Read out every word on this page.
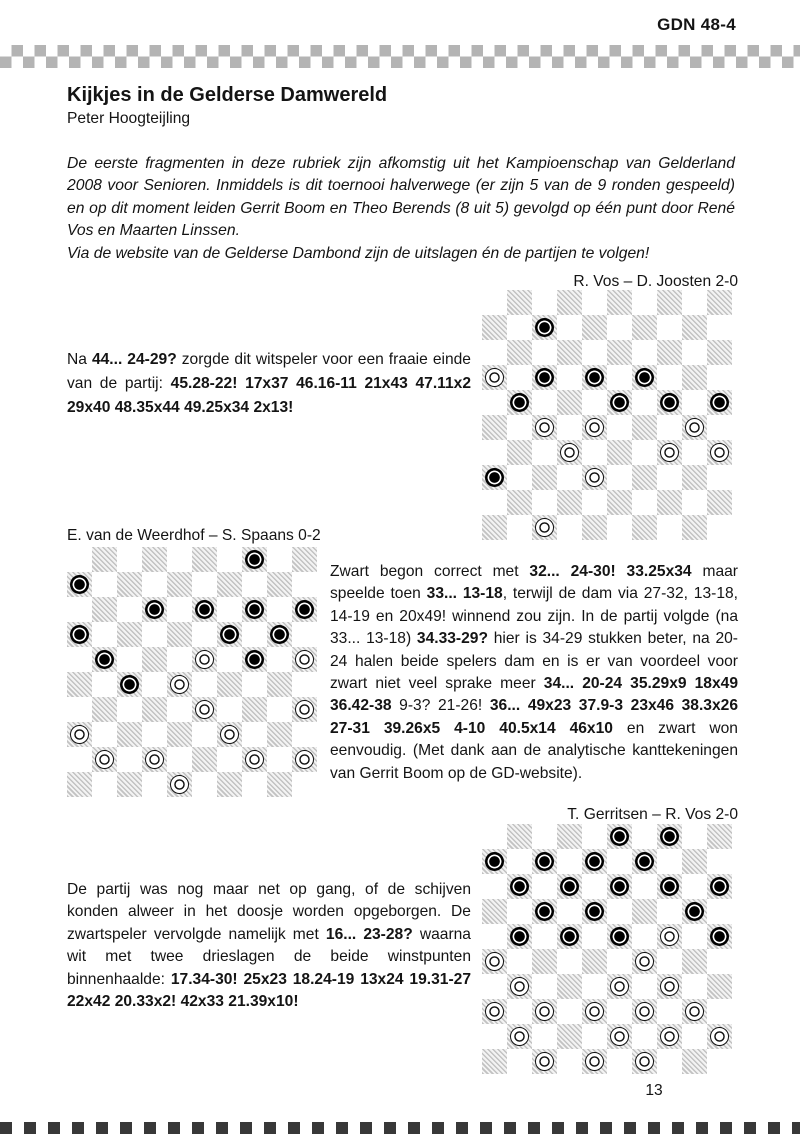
GDN 48-4
Kijkjes in de Gelderse Damwereld
Peter Hoogteijling

De eerste fragmenten in deze rubriek zijn afkomstig uit het Kampioenschap van Gelderland 2008 voor Senioren. Inmiddels is dit toernooi halverwege (er zijn 5 van de 9 ronden gespeeld) en op dit moment leiden Gerrit Boom en Theo Berends (8 uit 5) gevolgd op één punt door René Vos en Maarten Linssen.

Via de website van de Gelderse Dambond zijn de uitslagen én de partijen te volgen!

R. Vos – D. Joosten 2-0
Na 44... 24-29? zorgde dit witspeler voor een fraaie einde van de partij: 45.28-22! 17x37 46.16-11 21x43 47.11x2 29x40 48.35x44 49.25x34 2x13!
E. van de Weerdhof – S. Spaans 0-2
Zwart begon correct met 32... 24-30! 33.25x34 maar speelde toen 33... 13-18, terwijl de dam via 27-32, 13-18, 14-19 en 20x49! winnend zou zijn. In de partij volgde (na 33... 13-18) 34.33-29? hier is 34-29 stukken beter, na 20-24 halen beide spelers dam en is er van voordeel voor zwart niet veel sprake meer 34... 20-24 35.29x9 18x49 36.42-38 9-3? 21-26! 36... 49x23 37.9-3 23x46 38.3x26 27-31 39.26x5 4-10 40.5x14 46x10 en zwart won eenvoudig. (Met dank aan de analytische kanttekeningen van Gerrit Boom op de GD-website).
T. Gerritsen – R. Vos 2-0
De partij was nog maar net op gang, of de schijven konden alweer in het doosje worden opgeborgen. De zwartspeler vervolgde namelijk met 16... 23-28? waarna wit met twee drieslagen de beide winstpunten binnenhaalde: 17.34-30! 25x23 18.24-19 13x24 19.31-27 22x42 20.33x2! 42x33 21.39x10!
13
